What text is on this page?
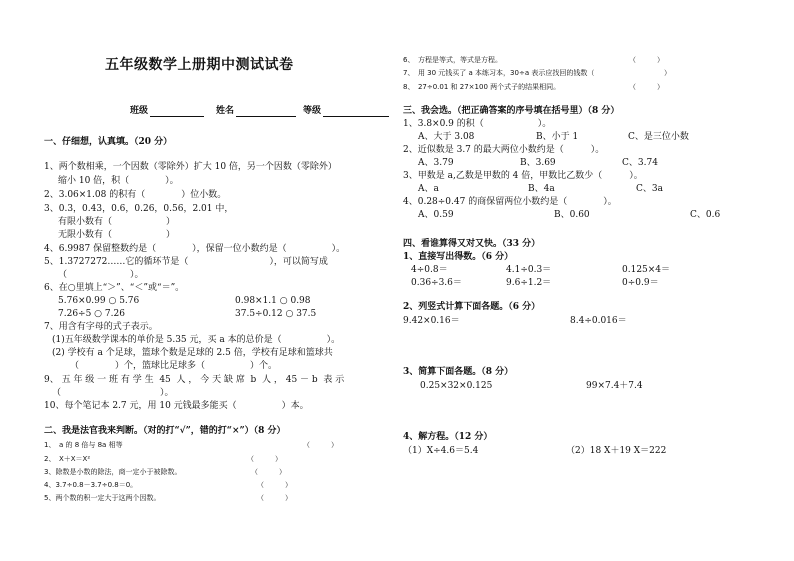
五年级数学上册期中测试试卷
班级	姓名	等级
一、仔细想，认真填。（20 分）
1、两个数相乘，一个因数（零除外）扩大 10 倍，另一个因数（零除外）
缩小 10 倍，积（　　　　）。
2、3.06×1.08 的积有（　　　　）位小数。
3、0.3，0.43，0.6，0.26，0.56，2.01 中，
有限小数有（　　　　　　）
无限小数有（　　　　　　）
4、6.9987 保留整数约是（　　　　），保留一位小数约是（　　　　　）。
5、1.3727272……它的循环节是（　　　　　　　　　），可以简写成
（　　　　　　　）。
6、在○里填上“＞”、“＜”或“＝”。
5.76×0.99 ○ 5.76	0.98×1.1 ○ 0.98
7.26÷5 ○ 7.26	37.5÷0.12 ○ 37.5
7、用含有字母的式子表示。
(1)五年级数学课本的单价是 5.35 元，买 a 本的总价是（　　　　　）。
(2) 学校有 a 个足球，篮球个数是足球的 2.5 倍，学校有足球和篮球共
（　　　　）个，篮球比足球多（　　　　　）个。
9、 五 年 级 一 班 有 学 生  45  人 ， 今 天 缺 席  b  人 ， 45 － b  表 示
（　　　　　　　　　　　）。
10、每个笔记本 2.7 元，用 10 元钱最多能买（　　　　　）本。
二、我是法官我来判断。（对的打“√”，错的打“×”）（8 分）
1、　a 的 8 倍与 8a 相等	（　　　）
2、　X＋X＝X²	（　　　）
3、除数是小数的除法，商一定小于被除数。	（　　　）
4、3.7÷0.8－3.7÷0.8＝0。	（　　　）
5、两个数的积一定大于这两个因数。	（　　　）
6、　方程是等式，等式是方程。	（　　　）
7、　用 30 元钱买了 a 本练习本，30÷a 表示应找回的钱数（	）
8、　27÷0.01 和 27×100 两个式子的结果相同。	（　　　）
三、我会选。（把正确答案的序号填在括号里）（8 分）
1、3.8×0.9 的积（　　　　　　）。
A、大于 3.08	B、小于 1	C、是三位小数
2、近似数是 3.7 的最大两位小数约是（　　　）。
A、3.79	B、3.69	C、3.74
3、甲数是 a,乙数是甲数的 4 倍，甲数比乙数少（　　　）。
A、a	B、4a	C、3a
4、0.28÷0.47 的商保留两位小数约是（　　　　）。
A、0.59	B、0.60	C、0.6
四、看谁算得又对又快。（33 分）
1、直接写出得数。（6 分）
4÷0.8＝	4.1÷0.3＝	0.125×4＝
0.36÷3.6＝	9.6÷1.2＝	0÷0.9＝
2、列竖式计算下面各题。（6 分）
9.42×0.16＝	8.4÷0.016＝
3、简算下面各题。（8 分）
0.25×32×0.125	99×7.4＋7.4
4、解方程。（12 分）
（1）X÷4.6＝5.4	（2）18 X＋19 X＝222
